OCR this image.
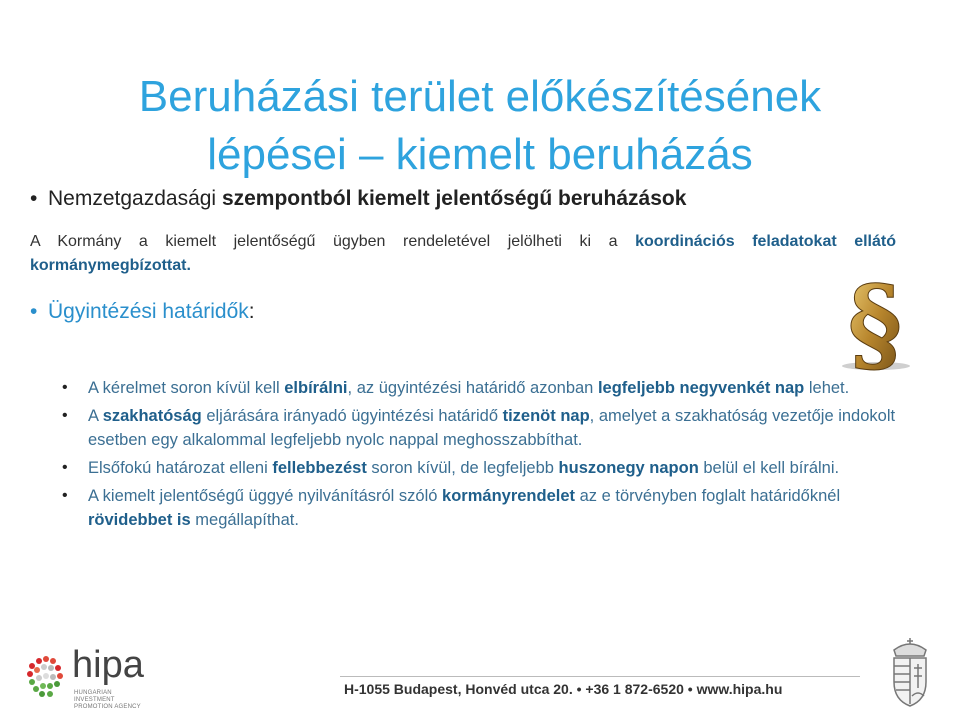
Beruházási terület előkészítésének
lépései – kiemelt beruházás
• Nemzetgazdasági szempontból kiemelt jelentőségű beruházások
A Kormány a kiemelt jelentőségű ügyben rendeletével jelölheti ki a koordinációs feladatokat ellátó kormánymegbízottat.
• Ügyintézési határidők:	§
• A kérelmet soron kívül kell elbírálni, az ügyintézési határidő azonban legfeljebb negyvenkét nap lehet.
• A szakhatóság eljárására irányadó ügyintézési határidő tizenöt nap, amelyet a szakhatóság vezetője indokolt esetben egy alkalommal legfeljebb nyolc nappal meghosszabbíthat.
• Elsőfokú határozat elleni fellebbezést soron kívül, de legfeljebb huszonegy napon belül el kell bírálni.
• A kiemelt jelentőségű üggyé nyilvánításról szóló kormányrendelet az e törvényben foglalt határidőknél rövidebbet is megállapíthat.
hipa
HUNGARIAN INVESTMENT PROMOTION AGENCY
H-1055 Budapest, Honvéd utca 20. • +36 1 872-6520 • www.hipa.hu
